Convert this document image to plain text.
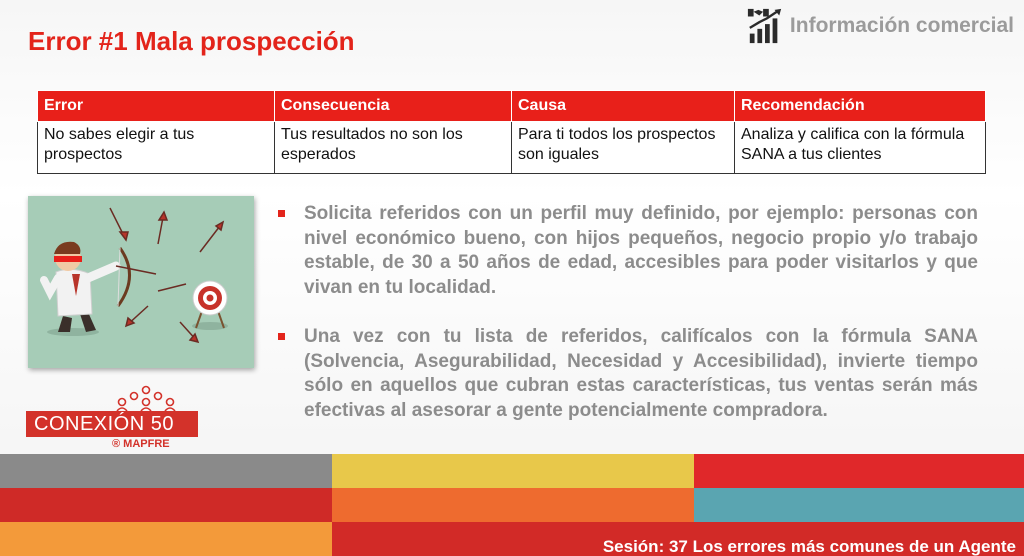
Error #1 Mala prospección
Información comercial
Error	Consecuencia	Causa	Recomendación
No sabes elegir a tus prospectos	Tus resultados no son los esperados	Para ti todos los prospectos son iguales	Analiza y califica con la fórmula SANA a tus clientes
Solicita referidos con un perfil muy definido, por ejemplo: personas con nivel económico bueno, con hijos pequeños, negocio propio y/o trabajo estable, de 30 a 50 años de edad, accesibles para poder visitarlos y que vivan en tu localidad.
Una vez con tu lista de referidos, califícalos con la fórmula SANA (Solvencia, Asegurabilidad, Necesidad y Accesibilidad), invierte tiempo sólo en aquellos que cubran estas características, tus ventas serán más efectivas al asesorar a gente potencialmente compradora.
CONEXIÓN 50
® MAPFRE
Sesión: 37 Los errores más comunes de un Agente
